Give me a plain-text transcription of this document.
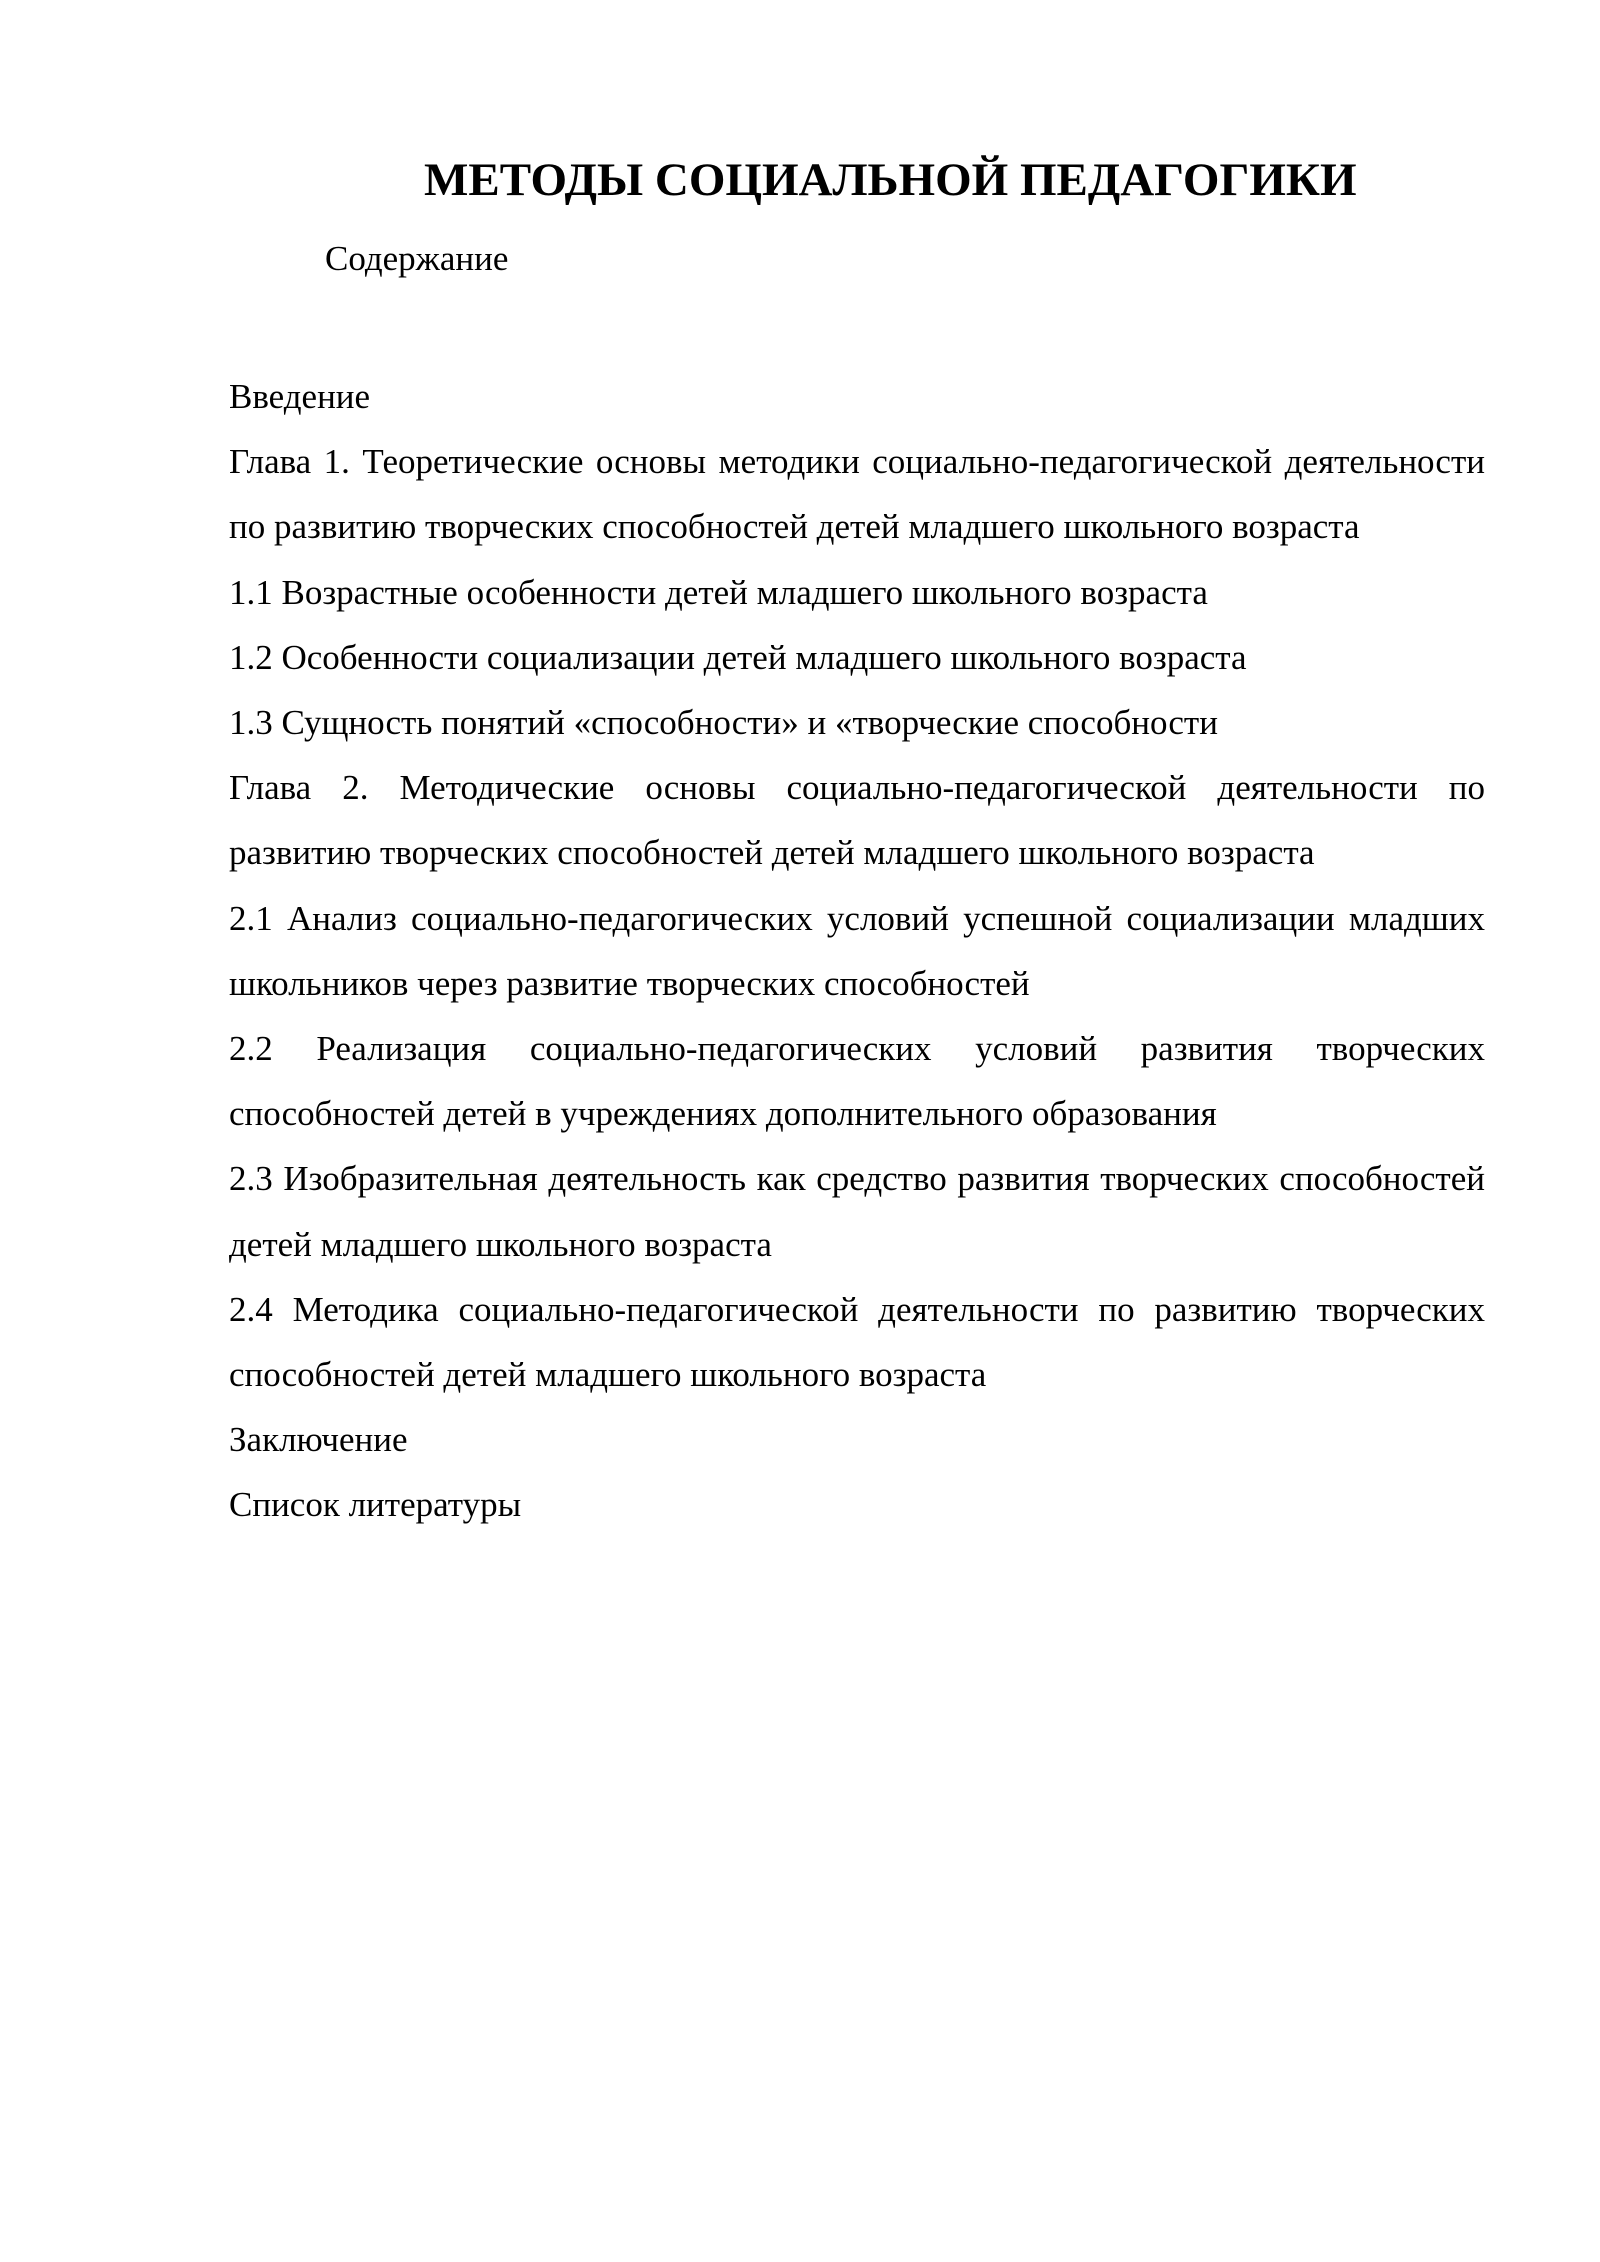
МЕТОДЫ СОЦИАЛЬНОЙ ПЕДАГОГИКИ

Содержание

Введение
Глава 1. Теоретические основы методики социально-педагогической деятельности по развитию творческих способностей детей младшего школьного возраста
1.1 Возрастные особенности детей младшего школьного возраста
1.2 Особенности социализации детей младшего школьного возраста
1.3 Сущность понятий «способности» и «творческие способности
Глава 2. Методические основы социально-педагогической деятельности по развитию творческих способностей детей младшего школьного возраста
2.1 Анализ социально-педагогических условий успешной социализации младших школьников через развитие творческих способностей
2.2 Реализация социально-педагогических условий развития творческих способностей детей в учреждениях дополнительного образования
2.3 Изобразительная деятельность как средство развития творческих способностей детей младшего школьного возраста
2.4 Методика социально-педагогической деятельности по развитию творческих способностей детей младшего школьного возраста
Заключение
Список литературы
